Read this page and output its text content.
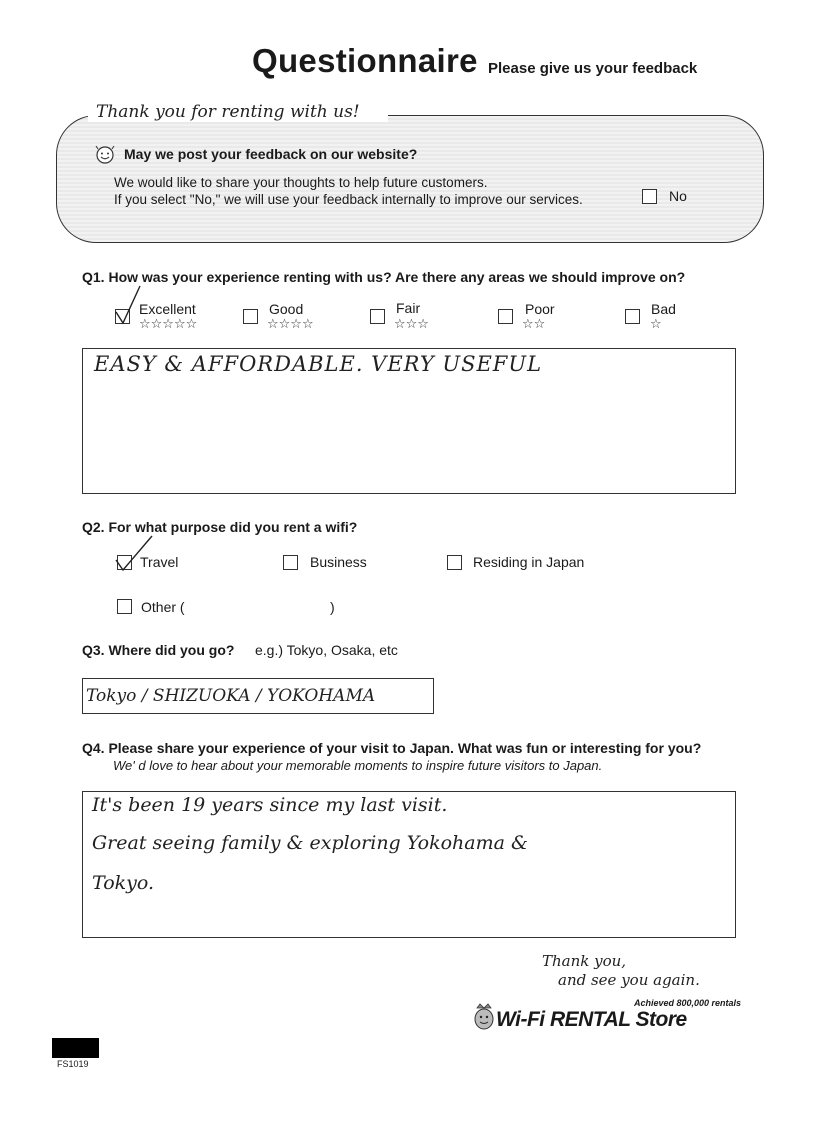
Questionnaire Please give us your feedback
Thank you for renting with us!
May we post your feedback on our website?
We would like to share your thoughts to help future customers.
If you select "No," we will use your feedback internally to improve our services.	No
Q1. How was your experience renting with us? Are there any areas we should improve on?
Excellent
☆☆☆☆☆
Good
☆☆☆☆
Fair
☆☆☆
Poor
☆☆
Bad
☆
EASY & AFFORDABLE. VERY USEFUL
Q2. For what purpose did you rent a wifi?
Travel	Business	Residing in Japan
Other (	)
Q3. Where did you go? e.g.) Tokyo, Osaka, etc
Tokyo / SHIZUOKA / YOKOHAMA
Q4. Please share your experience of your visit to Japan. What was fun or interesting for you?
We' d love to hear about your memorable moments to inspire future visitors to Japan.
It's been 19 years since my last visit.
Great seeing family & exploring Yokohama &
Tokyo.
Thank you,
and see you again.
Achieved 800,000 rentals
Wi-Fi RENTAL Store
FS1019
